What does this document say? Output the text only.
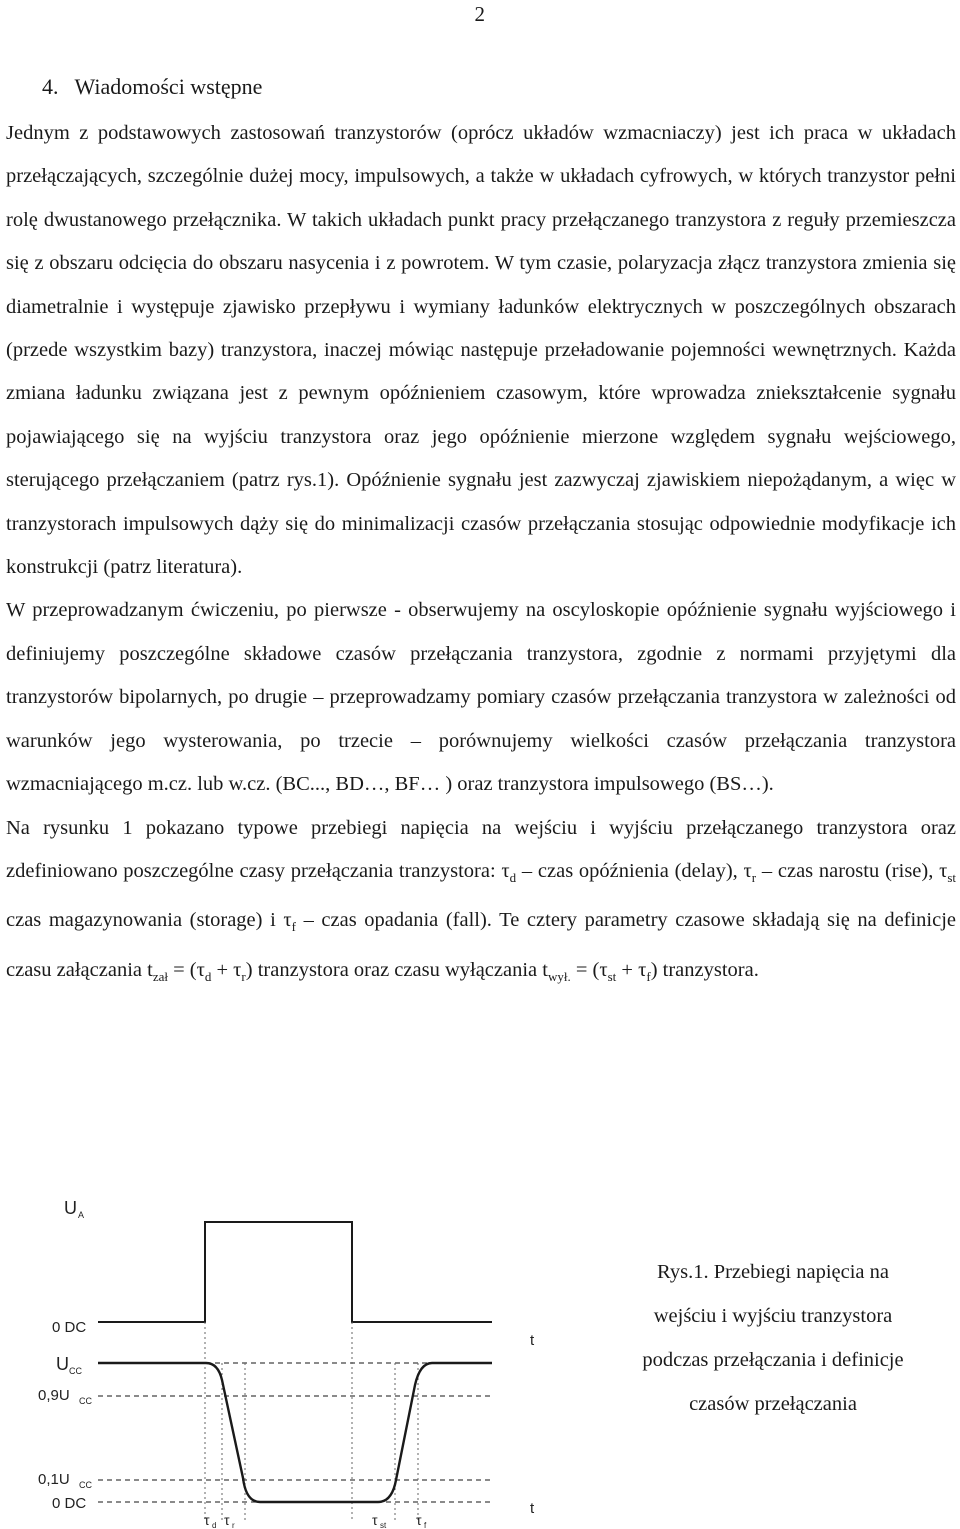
2
4. Wiadomości wstępne

Jednym z podstawowych zastosowań tranzystorów (oprócz układów wzmacniaczy) jest ich praca w układach przełączających, szczególnie dużej mocy, impulsowych, a także w układach cyfrowych, w których tranzystor pełni rolę dwustanowego przełącznika. W takich układach punkt pracy przełączanego tranzystora z reguły przemieszcza się z obszaru odcięcia do obszaru nasycenia i z powrotem. W tym czasie, polaryzacja złącz tranzystora zmienia się diametralnie i występuje zjawisko przepływu i wymiany ładunków elektrycznych w poszczególnych obszarach (przede wszystkim bazy) tranzystora, inaczej mówiąc następuje przeładowanie pojemności wewnętrznych. Każda zmiana ładunku związana jest z pewnym opóźnieniem czasowym, które wprowadza zniekształcenie sygnału pojawiającego się na wyjściu tranzystora oraz jego opóźnienie mierzone względem sygnału wejściowego, sterującego przełączaniem (patrz rys.1). Opóźnienie sygnału jest zazwyczaj zjawiskiem niepożądanym, a więc w tranzystorach impulsowych dąży się do minimalizacji czasów przełączania stosując odpowiednie modyfikacje ich konstrukcji (patrz literatura).

W przeprowadzanym ćwiczeniu, po pierwsze - obserwujemy na oscyloskopie opóźnienie sygnału wyjściowego i definiujemy poszczególne składowe czasów przełączania tranzystora, zgodnie z normami przyjętymi dla tranzystorów bipolarnych, po drugie – przeprowadzamy pomiary czasów przełączania tranzystora w zależności od warunków jego wysterowania, po trzecie – porównujemy wielkości czasów przełączania tranzystora wzmacniającego m.cz. lub w.cz. (BC..., BD…, BF… ) oraz tranzystora impulsowego (BS…).

Na rysunku 1 pokazano typowe przebiegi napięcia na wejściu i wyjściu przełączanego tranzystora oraz zdefiniowano poszczególne czasy przełączania tranzystora: $\tau_d$ – czas opóźnienia (delay), $\tau_r$ – czas narostu (rise), $\tau_{st}$ czas magazynowania (storage) i $\tau_f$ – czas opadania (fall). Te cztery parametry czasowe składają się na definicje czasu załączania $t_{zał} = (\tau_d + \tau_r)$ tranzystora oraz czasu wyłączania $t_{wył.} = (\tau_{st} + \tau_f)$ tranzystora.

U A
0 DC
U CC
0,9U CC
0,1U CC
0 DC
t
t
τ d τ r	τ st τ f
Rys.1. Przebiegi napięcia na
wejściu i wyjściu tranzystora
podczas przełączania i definicje
czasów przełączania
